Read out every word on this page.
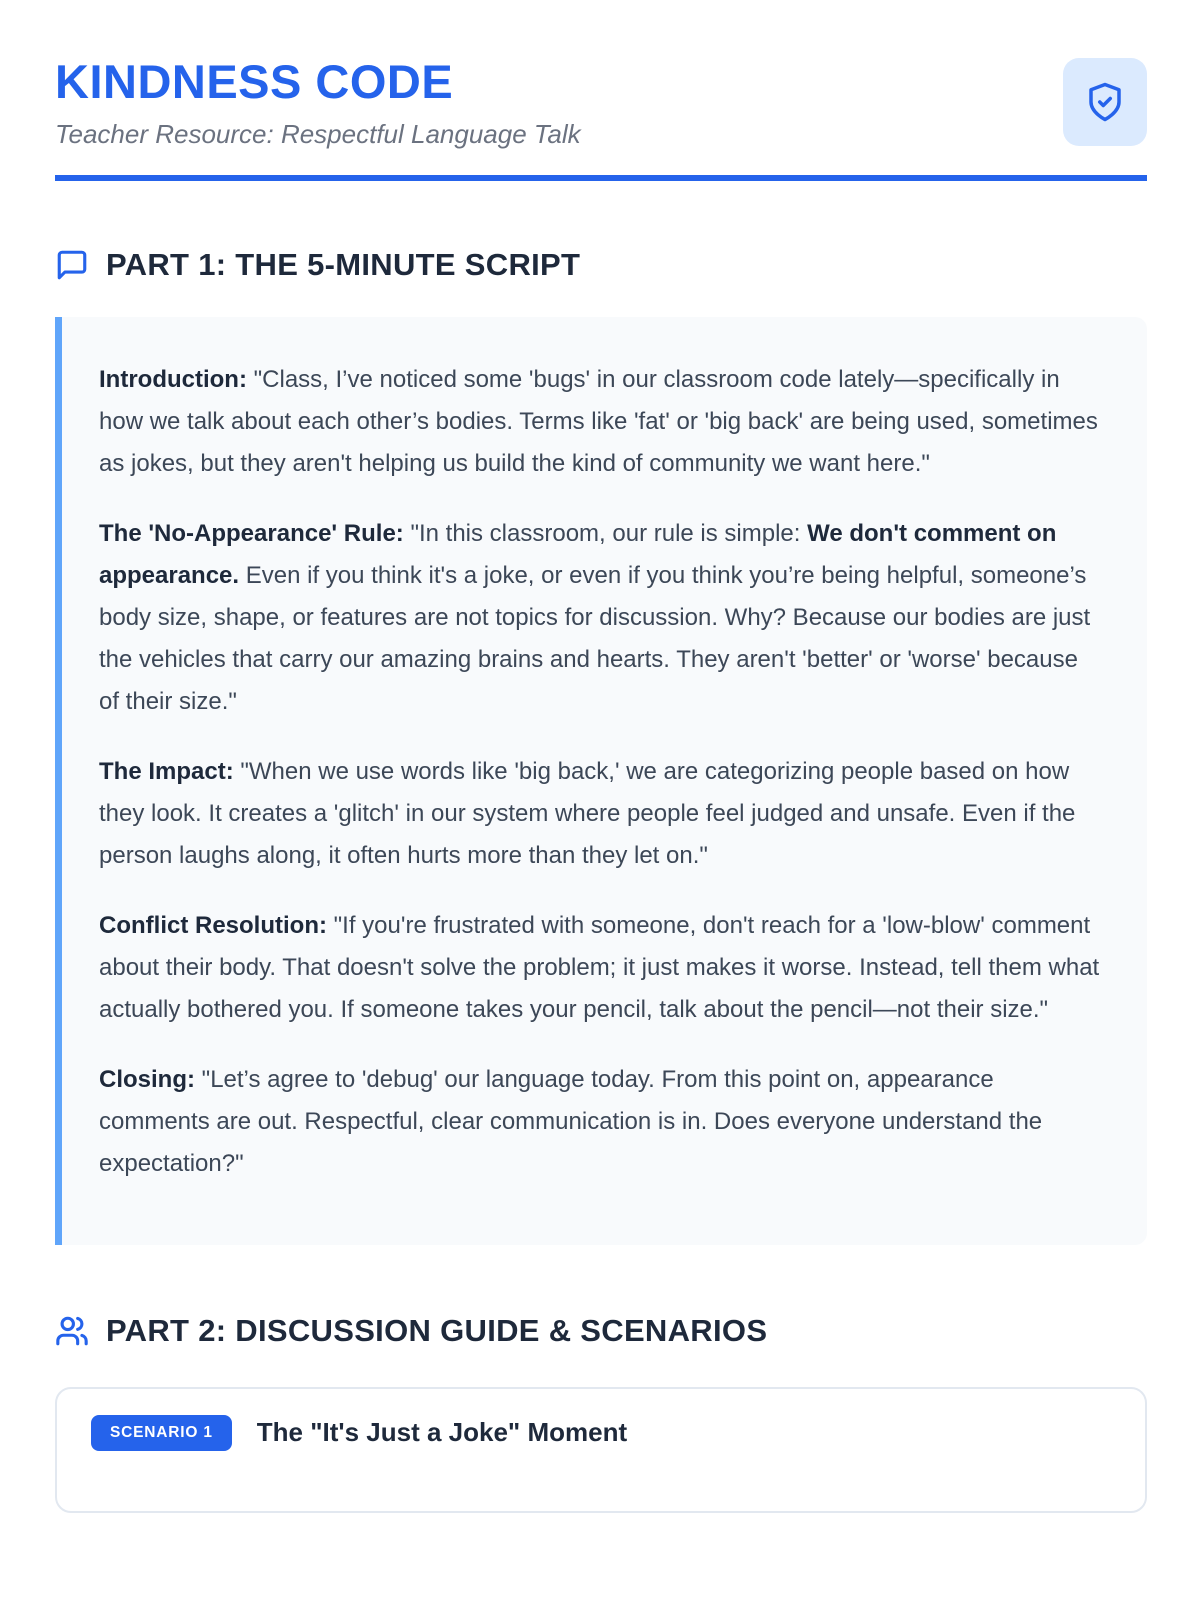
KINDNESS CODE

Teacher Resource: Respectful Language Talk

PART 1: THE 5-MINUTE SCRIPT

Introduction: "Class, I’ve noticed some 'bugs' in our classroom code lately—specifically in how we talk about each other’s bodies. Terms like 'fat' or 'big back' are being used, sometimes as jokes, but they aren't helping us build the kind of community we want here."

The 'No-Appearance' Rule: "In this classroom, our rule is simple: We don't comment on appearance. Even if you think it's a joke, or even if you think you’re being helpful, someone’s body size, shape, or features are not topics for discussion. Why? Because our bodies are just the vehicles that carry our amazing brains and hearts. They aren't 'better' or 'worse' because of their size."

The Impact: "When we use words like 'big back,' we are categorizing people based on how they look. It creates a 'glitch' in our system where people feel judged and unsafe. Even if the person laughs along, it often hurts more than they let on."

Conflict Resolution: "If you're frustrated with someone, don't reach for a 'low-blow' comment about their body. That doesn't solve the problem; it just makes it worse. Instead, tell them what actually bothered you. If someone takes your pencil, talk about the pencil—not their size."

Closing: "Let’s agree to 'debug' our language today. From this point on, appearance comments are out. Respectful, clear communication is in. Does everyone understand the expectation?"

PART 2: DISCUSSION GUIDE & SCENARIOS
SCENARIO 1	The "It's Just a Joke" Moment
